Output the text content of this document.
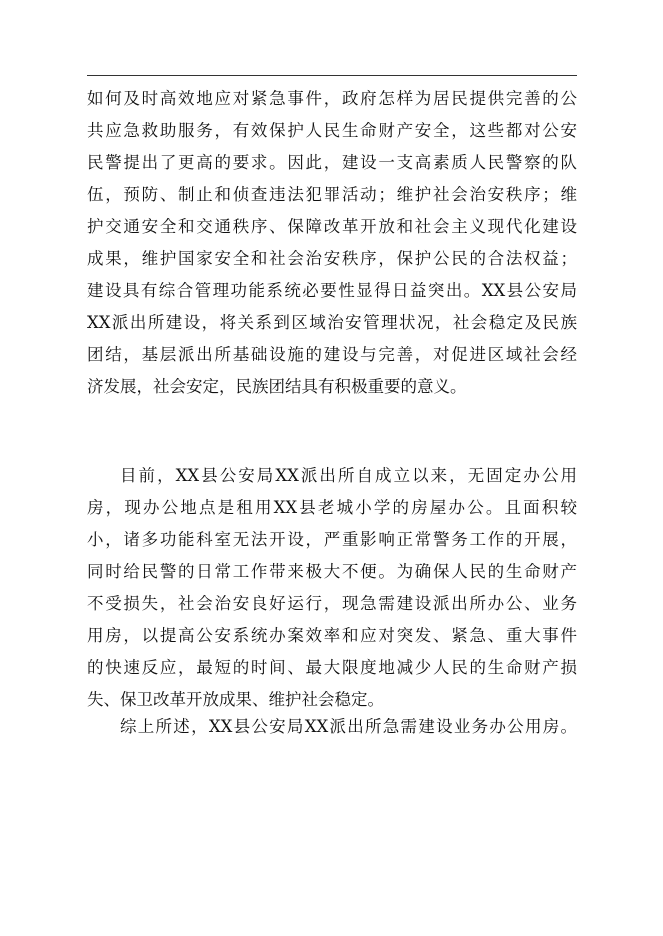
如何及时高效地应对紧急事件，政府怎样为居民提供完善的公
共应急救助服务，有效保护人民生命财产安全，这些都对公安
民警提出了更高的要求。因此，建设一支高素质人民警察的队
伍，预防、制止和侦查违法犯罪活动；维护社会治安秩序；维
护交通安全和交通秩序、保障改革开放和社会主义现代化建设
成果，维护国家安全和社会治安秩序，保护公民的合法权益；
建设具有综合管理功能系统必要性显得日益突出。XX县公安局
XX派出所建设，将关系到区域治安管理状况，社会稳定及民族
团结，基层派出所基础设施的建设与完善，对促进区域社会经
济发展，社会安定，民族团结具有积极重要的意义。
目前，XX县公安局XX派出所自成立以来，无固定办公用
房，现办公地点是租用XX县老城小学的房屋办公。且面积较
小，诸多功能科室无法开设，严重影响正常警务工作的开展，
同时给民警的日常工作带来极大不便。为确保人民的生命财产
不受损失，社会治安良好运行，现急需建设派出所办公、业务
用房，以提高公安系统办案效率和应对突发、紧急、重大事件
的快速反应，最短的时间、最大限度地减少人民的生命财产损
失、保卫改革开放成果、维护社会稳定。
综上所述，XX县公安局XX派出所急需建设业务办公用房。
